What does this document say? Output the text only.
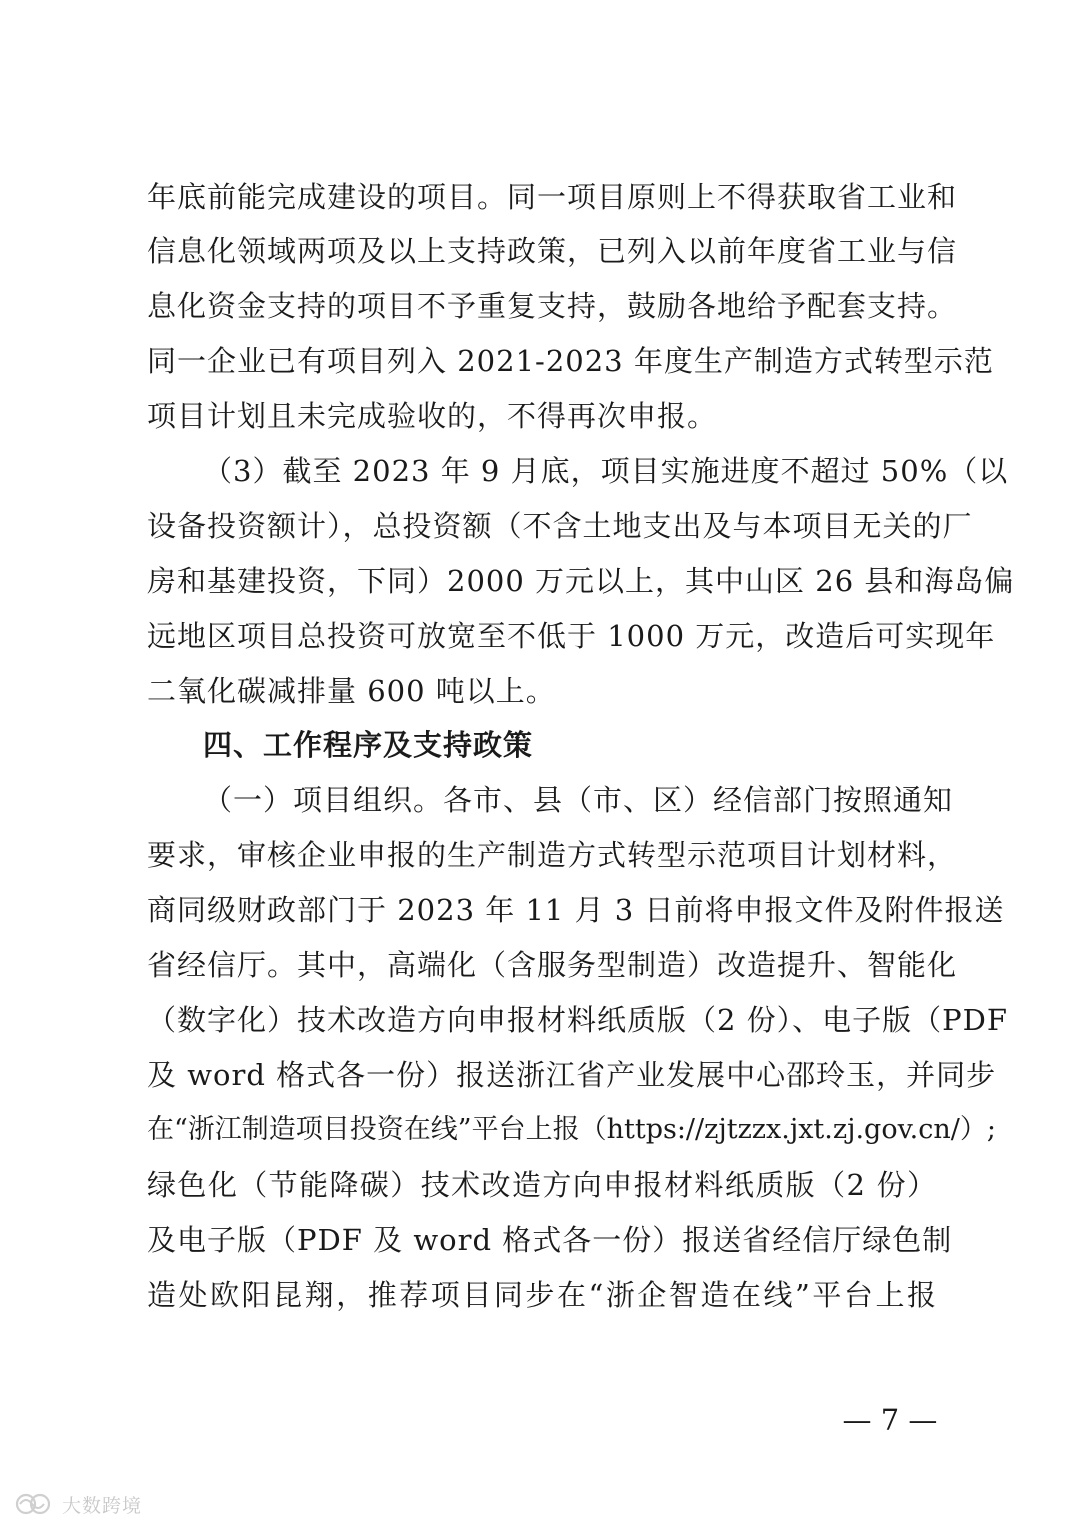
年底前能完成建设的项目。同一项目原则上不得获取省工业和
信息化领域两项及以上支持政策，已列入以前年度省工业与信
息化资金支持的项目不予重复支持，鼓励各地给予配套支持。
同一企业已有项目列入 2021-2023 年度生产制造方式转型示范
项目计划且未完成验收的，不得再次申报。
（3）截至 2023 年 9 月底，项目实施进度不超过 50%（以
设备投资额计），总投资额（不含土地支出及与本项目无关的厂
房和基建投资，下同）2000 万元以上，其中山区 26 县和海岛偏
远地区项目总投资可放宽至不低于 1000 万元，改造后可实现年
二氧化碳减排量 600 吨以上。
四、工作程序及支持政策
（一）项目组织。各市、县（市、区）经信部门按照通知
要求，审核企业申报的生产制造方式转型示范项目计划材料，
商同级财政部门于 2023 年 11 月 3 日前将申报文件及附件报送
省经信厅。其中，高端化（含服务型制造）改造提升、智能化
（数字化）技术改造方向申报材料纸质版（2 份）、电子版（PDF
及 word 格式各一份）报送浙江省产业发展中心邵玲玉，并同步
在“浙江制造项目投资在线”平台上报（https://zjtzzx.jxt.zj.gov.cn/）;
绿色化（节能降碳）技术改造方向申报材料纸质版（2 份）
及电子版（PDF 及 word 格式各一份）报送省经信厅绿色制
造处欧阳昆翔，推荐项目同步在“浙企智造在线”平台上报
— 7 —
大数跨境
